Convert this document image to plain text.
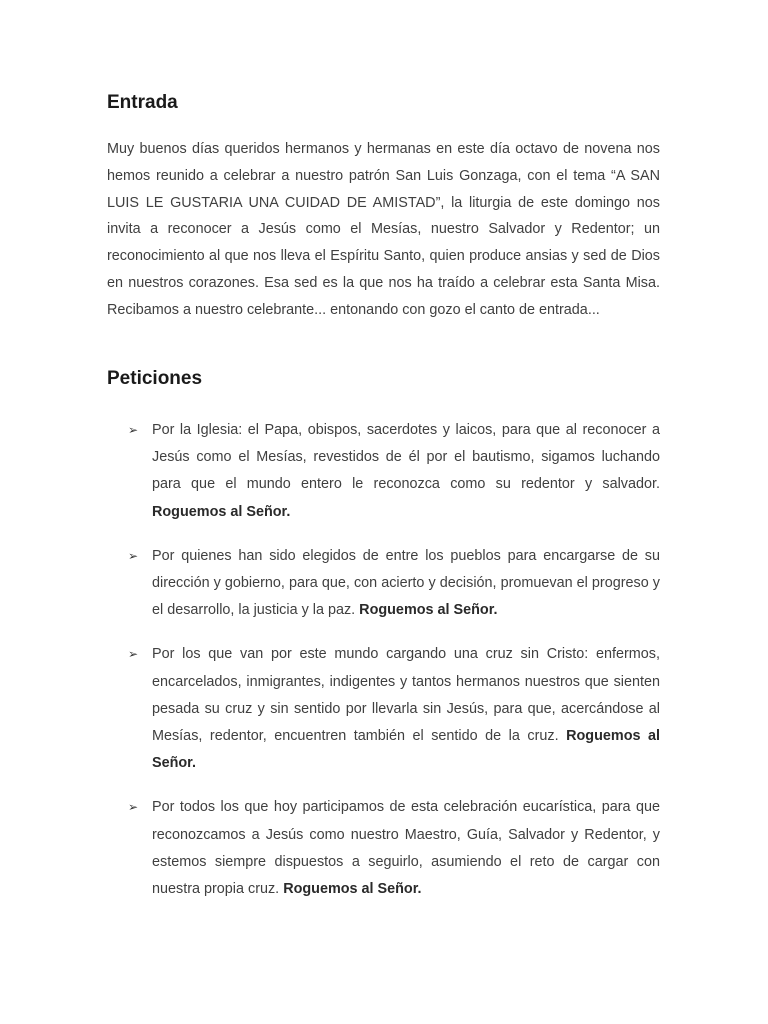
Entrada

Muy buenos días queridos hermanos y hermanas en este día octavo de novena nos hemos reunido a celebrar a nuestro patrón San Luis Gonzaga, con el tema “A SAN LUIS LE GUSTARIA UNA CUIDAD DE AMISTAD”, la liturgia de este domingo nos invita a reconocer a Jesús como el Mesías, nuestro Salvador y Redentor; un reconocimiento al que nos lleva el Espíritu Santo, quien produce ansias y sed de Dios en nuestros corazones. Esa sed es la que nos ha traído a celebrar esta Santa Misa. Recibamos a nuestro celebrante... entonando con gozo el canto de entrada...

Peticiones
➢ Por la Iglesia: el Papa, obispos, sacerdotes y laicos, para que al reconocer a Jesús como el Mesías, revestidos de él por el bautismo, sigamos luchando para que el mundo entero le reconozca como su redentor y salvador. Roguemos al Señor.
➢ Por quienes han sido elegidos de entre los pueblos para encargarse de su dirección y gobierno, para que, con acierto y decisión, promuevan el progreso y el desarrollo, la justicia y la paz. Roguemos al Señor.
➢ Por los que van por este mundo cargando una cruz sin Cristo: enfermos, encarcelados, inmigrantes, indigentes y tantos hermanos nuestros que sienten pesada su cruz y sin sentido por llevarla sin Jesús, para que, acercándose al Mesías, redentor, encuentren también el sentido de la cruz. Roguemos al Señor.
➢ Por todos los que hoy participamos de esta celebración eucarística, para que reconozcamos a Jesús como nuestro Maestro, Guía, Salvador y Redentor, y estemos siempre dispuestos a seguirlo, asumiendo el reto de cargar con nuestra propia cruz. Roguemos al Señor.
